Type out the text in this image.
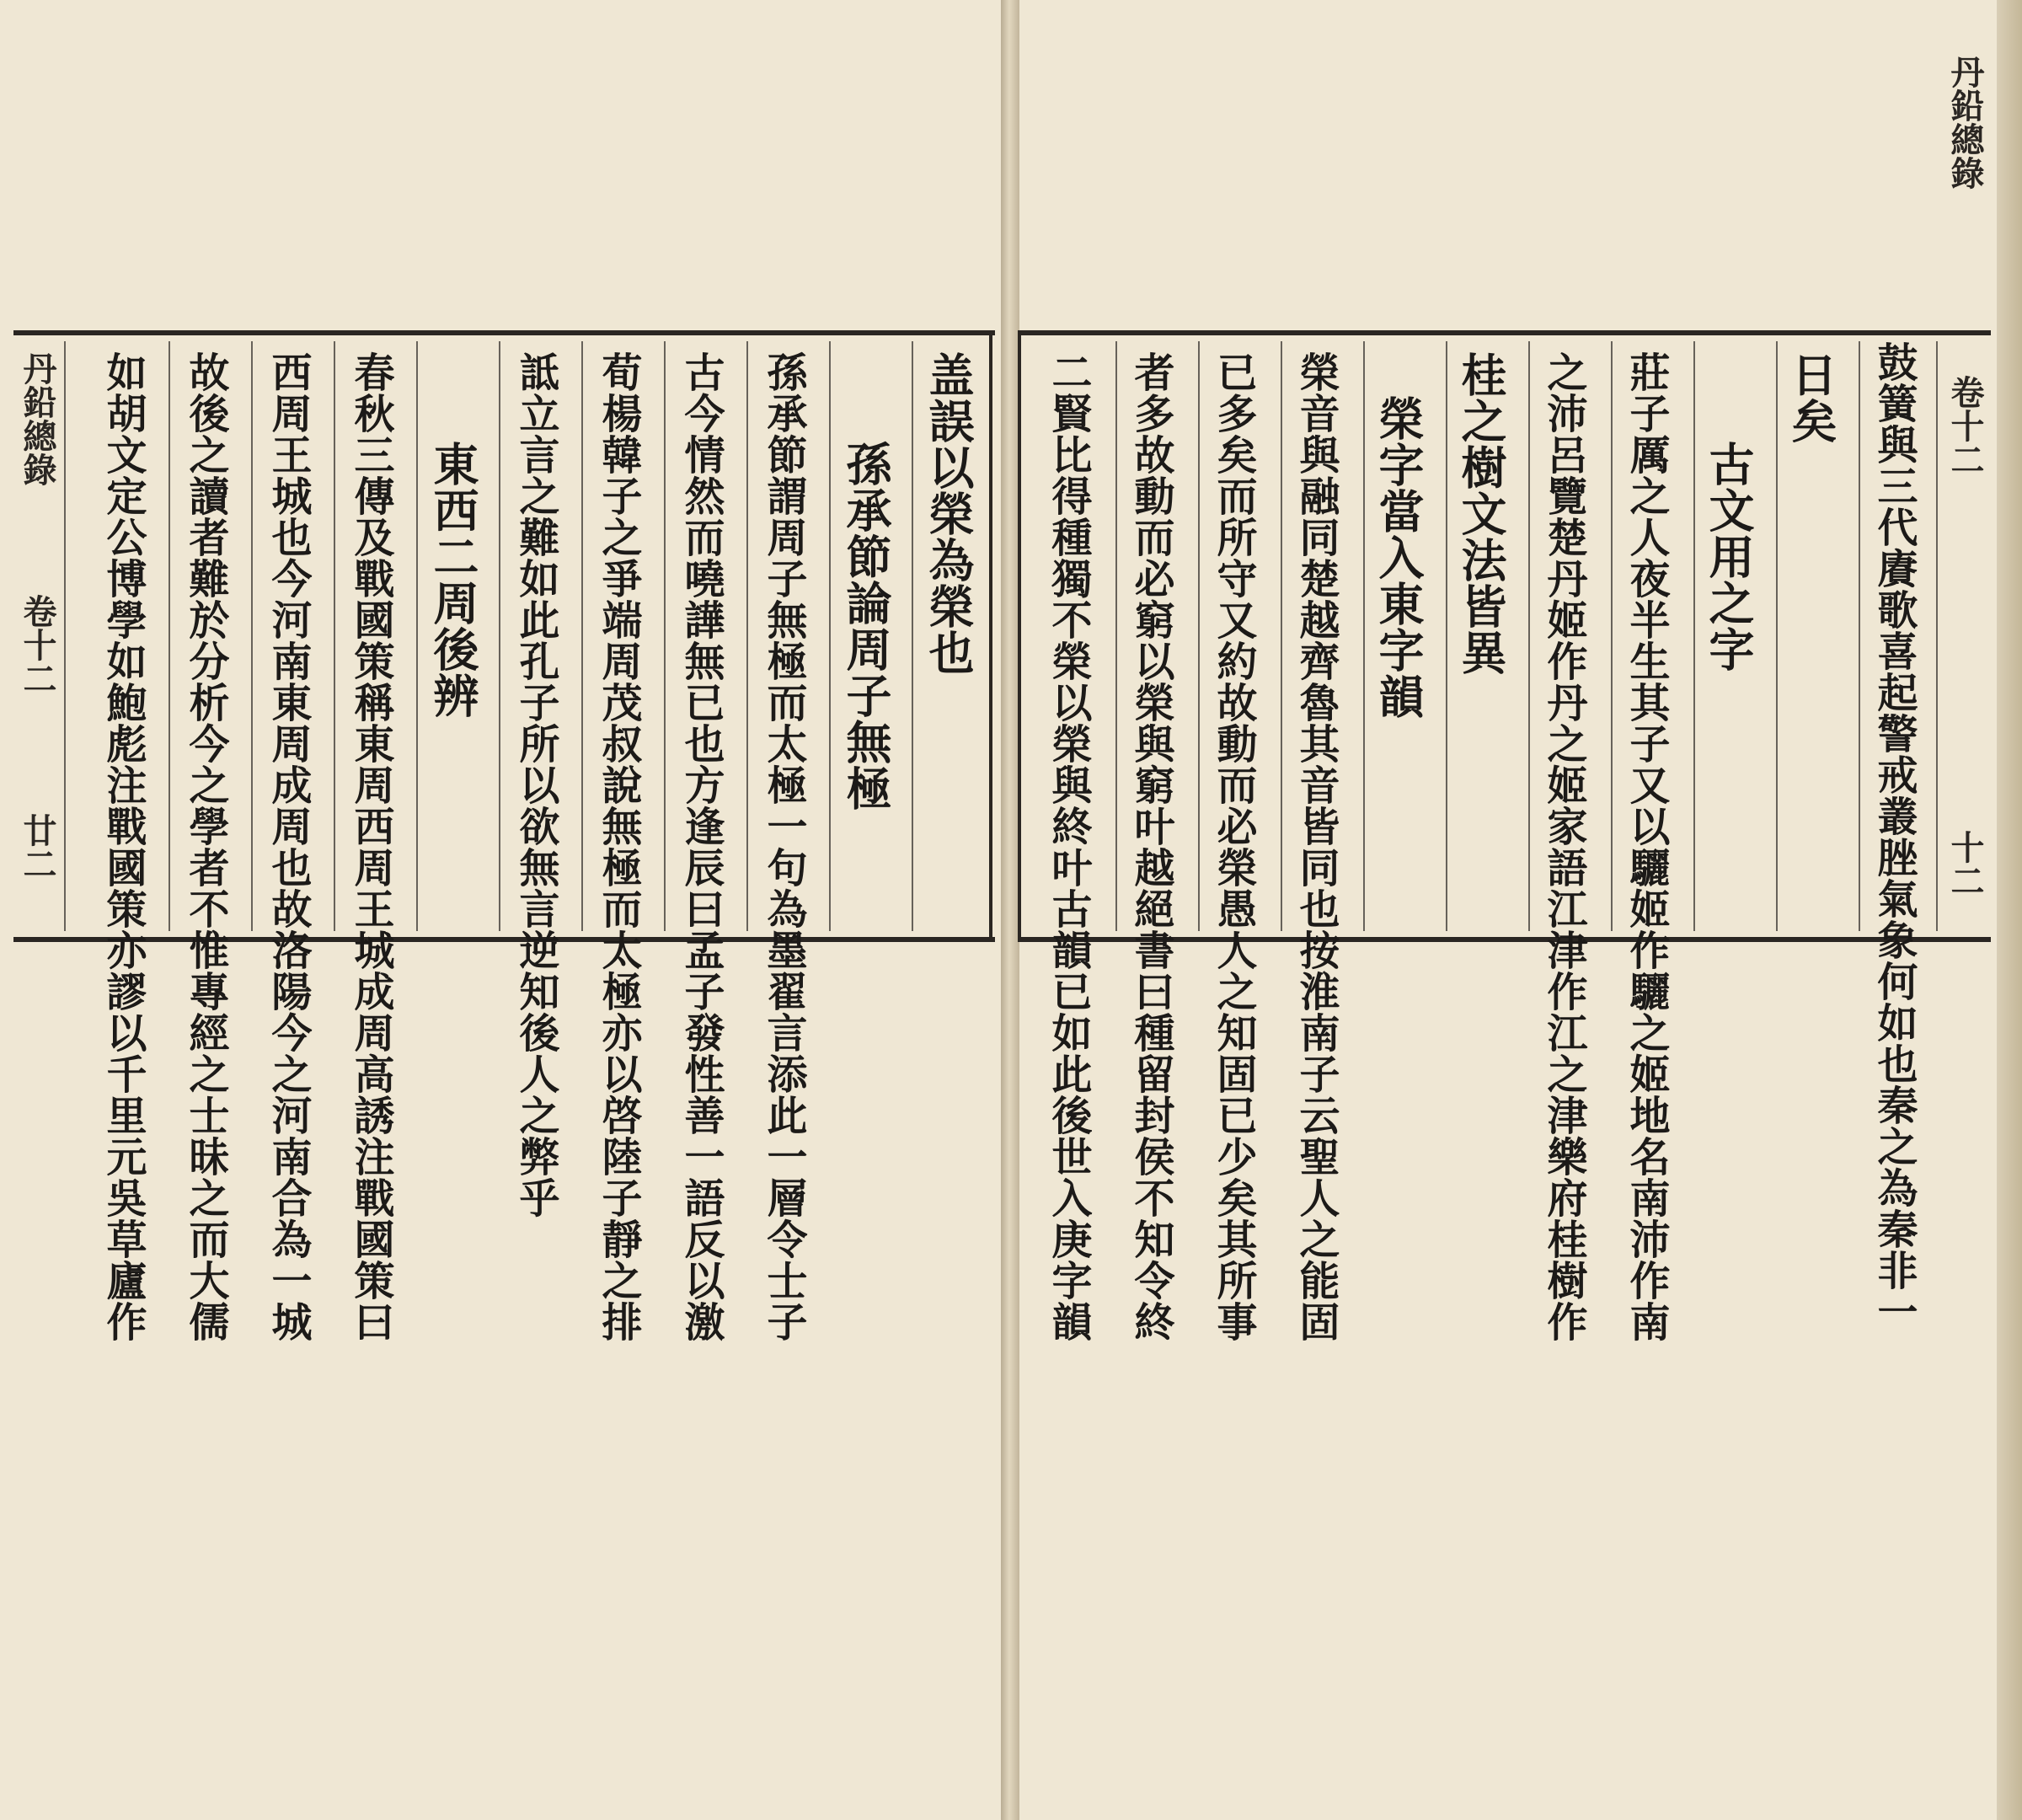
丹鉛總錄
卷十二
廿二
盖誤以榮為榮也
孫承節論周子無極
孫承節謂周子無極而太極一句為墨翟言添此一層令士子
古今情然而嘵譁無已也方逢辰曰孟子發性善一語反以激
荀楊韓子之爭端周茂叔說無極而太極亦以啓陸子靜之排
詆立言之難如此孔子所以欲無言逆知後人之弊乎
東西二周後辨
春秋三傳及戰國策稱東周西周王城成周高誘注戰國策曰
西周王城也今河南東周成周也故洛陽今之河南合為一城
故後之讀者難於分析今之學者不惟專經之士昧之而大儒
如胡文定公博學如鮑彪注戰國策亦謬以千里元吳草廬作	鼓簧與三代賡歌喜起警戒叢脞氣象何如也秦之為秦非一
日矣
古文用之字
莊子厲之人夜半生其子又以驪姬作驪之姬地名南沛作南
之沛呂覽楚丹姬作丹之姬家語江津作江之津樂府桂樹作
桂之樹文法皆異
榮字當入東字韻
榮音與融同楚越齊魯其音皆同也按淮南子云聖人之能固
已多矣而所守又約故動而必榮愚人之知固已少矣其所事
者多故動而必窮以榮與窮叶越絕書曰種留封侯不知令終
二賢比得種獨不榮以榮與終叶古韻已如此後世入庚字韻
丹鉛總錄
卷十二
十二
